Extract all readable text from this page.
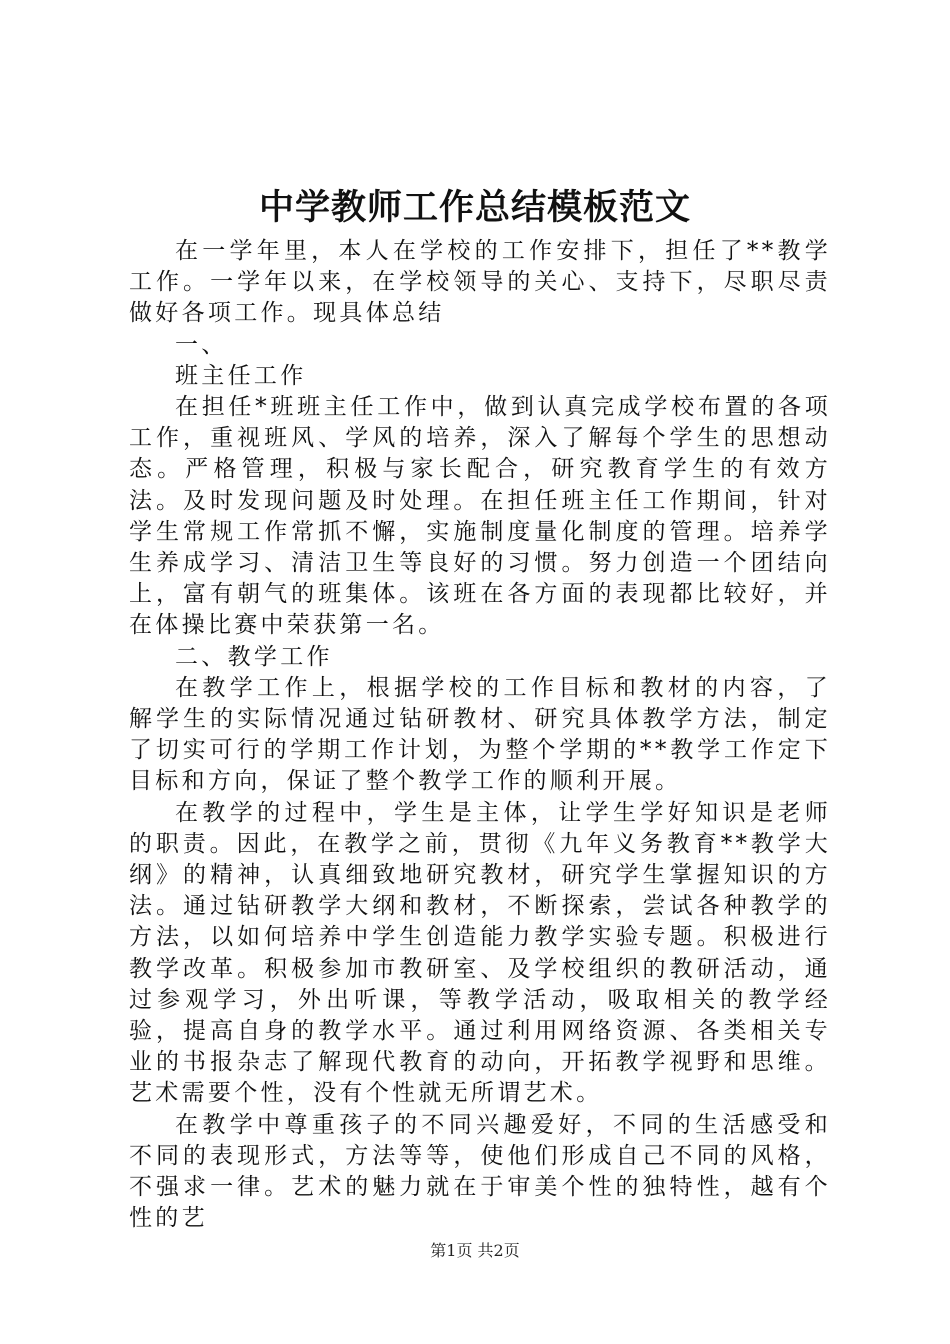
中学教师工作总结模板范文

在一学年里，本人在学校的工作安排下，担任了**教学工作。一学年以来，在学校领导的关心、支持下，尽职尽责做好各项工作。现具体总结

一、

班主任工作

在担任*班班主任工作中，做到认真完成学校布置的各项工作，重视班风、学风的培养，深入了解每个学生的思想动态。严格管理，积极与家长配合，研究教育学生的有效方法。及时发现问题及时处理。在担任班主任工作期间，针对学生常规工作常抓不懈，实施制度量化制度的管理。培养学生养成学习、清洁卫生等良好的习惯。努力创造一个团结向上，富有朝气的班集体。该班在各方面的表现都比较好，并在体操比赛中荣获第一名。

二、教学工作

在教学工作上，根据学校的工作目标和教材的内容，了解学生的实际情况通过钻研教材、研究具体教学方法，制定了切实可行的学期工作计划，为整个学期的**教学工作定下目标和方向，保证了整个教学工作的顺利开展。

在教学的过程中，学生是主体，让学生学好知识是老师的职责。因此，在教学之前，贯彻《九年义务教育**教学大纲》的精神，认真细致地研究教材，研究学生掌握知识的方法。通过钻研教学大纲和教材，不断探索，尝试各种教学的方法，以如何培养中学生创造能力教学实验专题。积极进行教学改革。积极参加市教研室、及学校组织的教研活动，通过参观学习，外出听课，等教学活动，吸取相关的教学经验，提高自身的教学水平。通过利用网络资源、各类相关专业的书报杂志了解现代教育的动向，开拓教学视野和思维。艺术需要个性，没有个性就无所谓艺术。

在教学中尊重孩子的不同兴趣爱好，不同的生活感受和不同的表现形式，方法等等，使他们形成自己不同的风格，不强求一律。艺术的魅力就在于审美个性的独特性，越有个性的艺

第1页 共2页
